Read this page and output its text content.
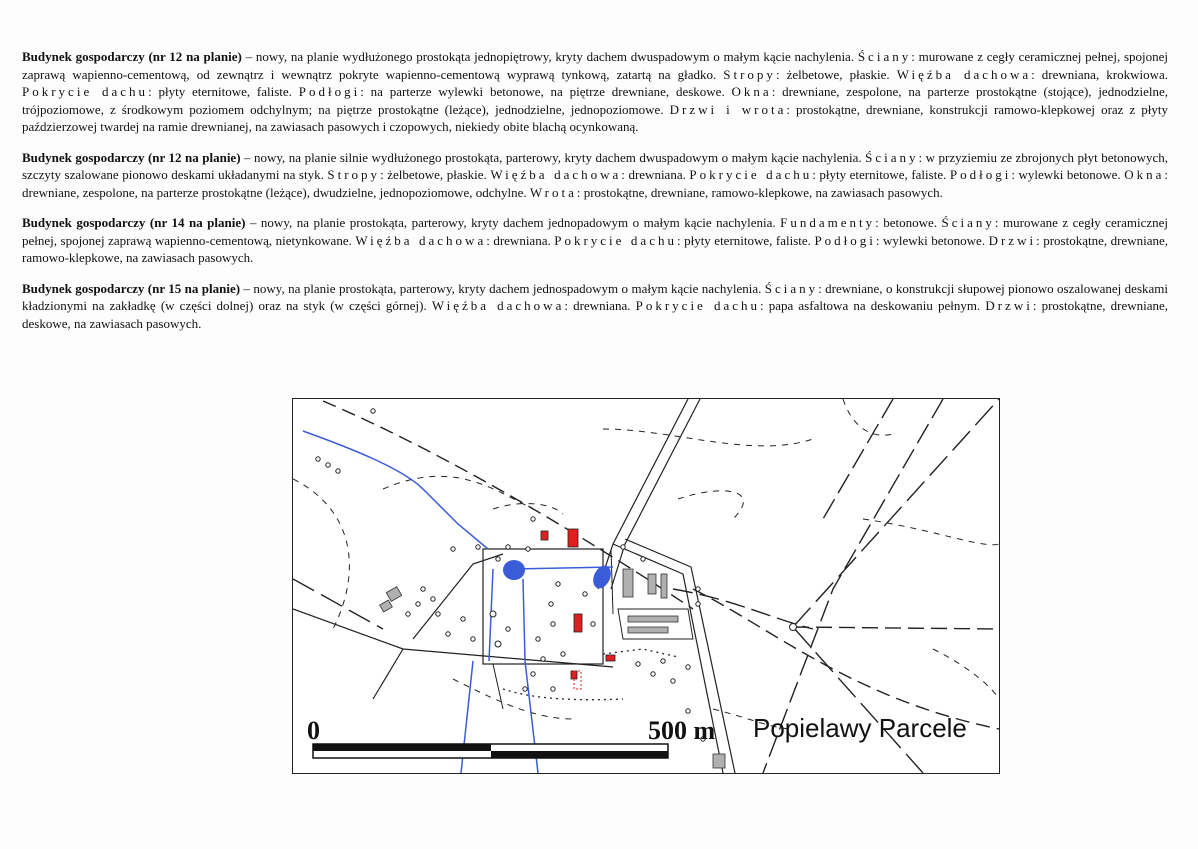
Budynek gospodarczy (nr 12 na planie) – nowy, na planie wydłużonego prostokąta jednopiętrowy, kryty dachem dwuspadowym o małym kącie nachylenia. Ściany: murowane z cegły ceramicznej pełnej, spojonej zaprawą wapienno-cementową, od zewnątrz i wewnątrz pokryte wapienno-cementową wyprawą tynkową, zatartą na gładko. Stropy: żelbetowe, płaskie. Więźba dachowa: drewniana, krokwiowa. Pokrycie dachu: płyty eternitowe, faliste. Podłogi: na parterze wylewki betonowe, na piętrze drewniane, deskowe. Okna: drewniane, zespolone, na parterze prostokątne (stojące), jednodzielne, trójpoziomowe, z środkowym poziomem odchylnym; na piętrze prostokątne (leżące), jednodzielne, jednopoziomowe. Drzwi i wrota: prostokątne, drewniane, konstrukcji ramowo-klepkowej oraz z płyty paździerzowej twardej na ramie drewnianej, na zawiasach pasowych i czopowych, niekiedy obite blachą ocynkowaną.

Budynek gospodarczy (nr 12 na planie) – nowy, na planie silnie wydłużonego prostokąta, parterowy, kryty dachem dwuspadowym o małym kącie nachylenia. Ściany: w przyziemiu ze zbrojonych płyt betonowych, szczyty szalowane pionowo deskami układanymi na styk. Stropy: żelbetowe, płaskie. Więźba dachowa: drewniana. Pokrycie dachu: płyty eternitowe, faliste. Podłogi: wylewki betonowe. Okna: drewniane, zespolone, na parterze prostokątne (leżące), dwudzielne, jednopoziomowe, odchylne. Wrota: prostokątne, drewniane, ramowo-klepkowe, na zawiasach pasowych.

Budynek gospodarczy (nr 14 na planie) – nowy, na planie prostokąta, parterowy, kryty dachem jednopadowym o małym kącie nachylenia. Fundamenty: betonowe. Ściany: murowane z cegły ceramicznej pełnej, spojonej zaprawą wapienno-cementową, nietynkowane. Więźba dachowa: drewniana. Pokrycie dachu: płyty eternitowe, faliste. Podłogi: wylewki betonowe. Drzwi: prostokątne, drewniane, ramowo-klepkowe, na zawiasach pasowych.

Budynek gospodarczy (nr 15 na planie) – nowy, na planie prostokąta, parterowy, kryty dachem jednospadowym o małym kącie nachylenia. Ściany: drewniane, o konstrukcji słupowej pionowo oszalowanej deskami kładzionymi na zakładkę (w części dolnej) oraz na styk (w części górnej). Więźba dachowa: drewniana. Pokrycie dachu: papa asfaltowa na deskowaniu pełnym. Drzwi: prostokątne, drewniane, deskowe, na zawiasach pasowych.

0	500 m Popielawy Parcele
